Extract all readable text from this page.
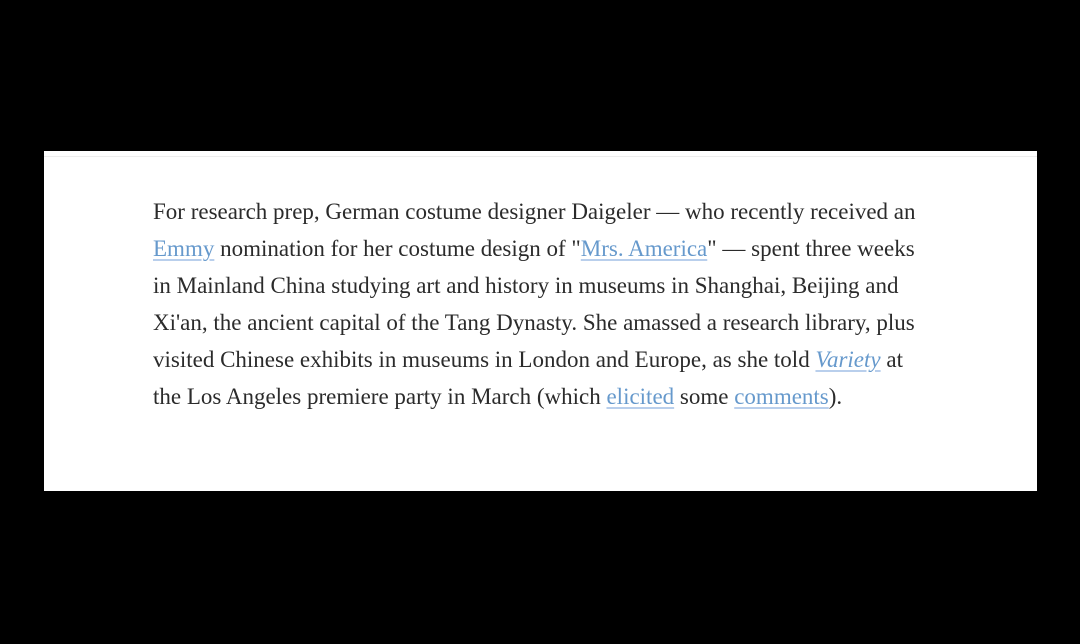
For research prep, German costume designer Daigeler — who recently received an Emmy nomination for her costume design of "Mrs. America" — spent three weeks in Mainland China studying art and history in museums in Shanghai, Beijing and Xi'an, the ancient capital of the Tang Dynasty. She amassed a research library, plus visited Chinese exhibits in museums in London and Europe, as she told Variety at the Los Angeles premiere party in March (which elicited some comments).
